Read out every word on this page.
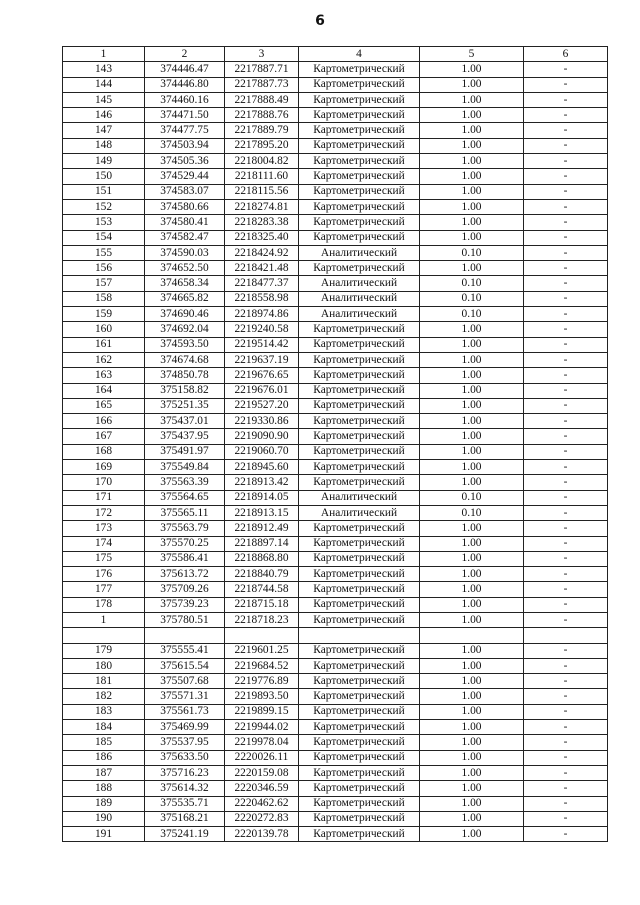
6
1	2	3	4	5	6
143	374446.47	2217887.71	Картометрический	1.00	-
144	374446.80	2217887.73	Картометрический	1.00	-
145	374460.16	2217888.49	Картометрический	1.00	-
146	374471.50	2217888.76	Картометрический	1.00	-
147	374477.75	2217889.79	Картометрический	1.00	-
148	374503.94	2217895.20	Картометрический	1.00	-
149	374505.36	2218004.82	Картометрический	1.00	-
150	374529.44	2218111.60	Картометрический	1.00	-
151	374583.07	2218115.56	Картометрический	1.00	-
152	374580.66	2218274.81	Картометрический	1.00	-
153	374580.41	2218283.38	Картометрический	1.00	-
154	374582.47	2218325.40	Картометрический	1.00	-
155	374590.03	2218424.92	Аналитический	0.10	-
156	374652.50	2218421.48	Картометрический	1.00	-
157	374658.34	2218477.37	Аналитический	0.10	-
158	374665.82	2218558.98	Аналитический	0.10	-
159	374690.46	2218974.86	Аналитический	0.10	-
160	374692.04	2219240.58	Картометрический	1.00	-
161	374593.50	2219514.42	Картометрический	1.00	-
162	374674.68	2219637.19	Картометрический	1.00	-
163	374850.78	2219676.65	Картометрический	1.00	-
164	375158.82	2219676.01	Картометрический	1.00	-
165	375251.35	2219527.20	Картометрический	1.00	-
166	375437.01	2219330.86	Картометрический	1.00	-
167	375437.95	2219090.90	Картометрический	1.00	-
168	375491.97	2219060.70	Картометрический	1.00	-
169	375549.84	2218945.60	Картометрический	1.00	-
170	375563.39	2218913.42	Картометрический	1.00	-
171	375564.65	2218914.05	Аналитический	0.10	-
172	375565.11	2218913.15	Аналитический	0.10	-
173	375563.79	2218912.49	Картометрический	1.00	-
174	375570.25	2218897.14	Картометрический	1.00	-
175	375586.41	2218868.80	Картометрический	1.00	-
176	375613.72	2218840.79	Картометрический	1.00	-
177	375709.26	2218744.58	Картометрический	1.00	-
178	375739.23	2218715.18	Картометрический	1.00	-
1	375780.51	2218718.23	Картометрический	1.00	-

179	375555.41	2219601.25	Картометрический	1.00	-
180	375615.54	2219684.52	Картометрический	1.00	-
181	375507.68	2219776.89	Картометрический	1.00	-
182	375571.31	2219893.50	Картометрический	1.00	-
183	375561.73	2219899.15	Картометрический	1.00	-
184	375469.99	2219944.02	Картометрический	1.00	-
185	375537.95	2219978.04	Картометрический	1.00	-
186	375633.50	2220026.11	Картометрический	1.00	-
187	375716.23	2220159.08	Картометрический	1.00	-
188	375614.32	2220346.59	Картометрический	1.00	-
189	375535.71	2220462.62	Картометрический	1.00	-
190	375168.21	2220272.83	Картометрический	1.00	-
191	375241.19	2220139.78	Картометрический	1.00	-
